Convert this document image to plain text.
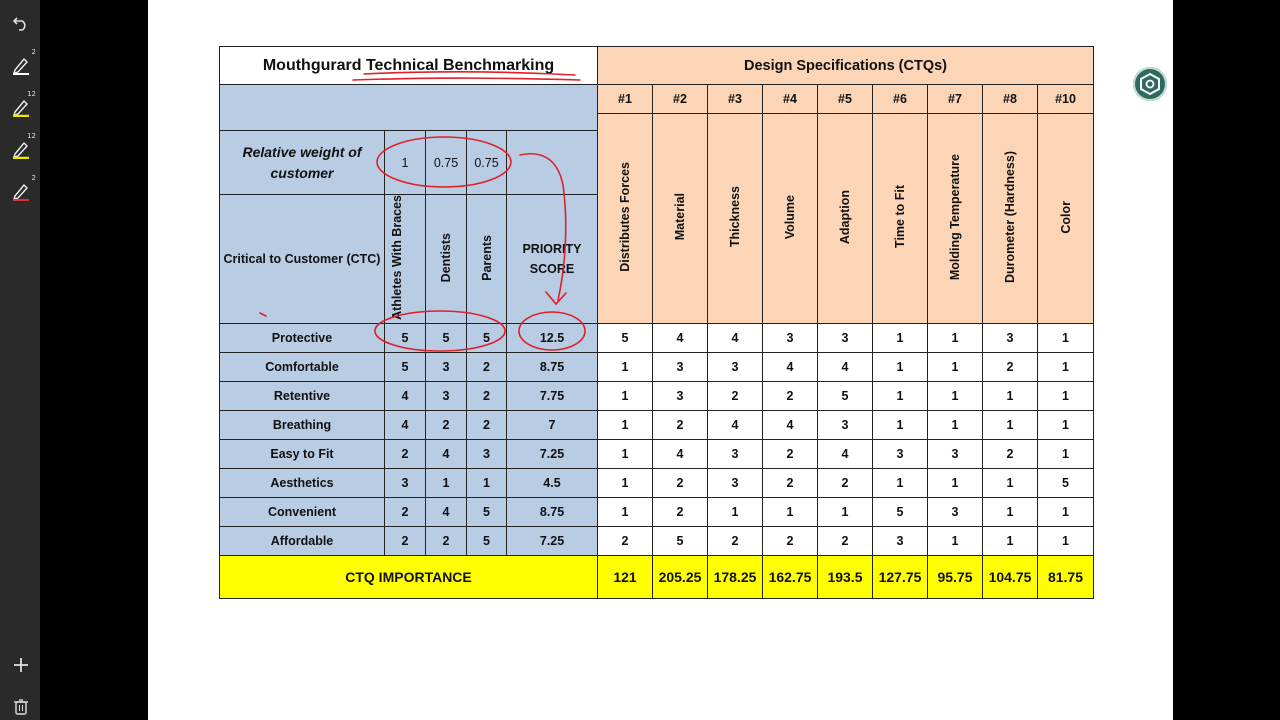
2
12
12
2
Mouthgurard Technical Benchmarking					Design Specifications (CTQs)								
					#1	#2	#3	#4	#5	#6	#7	#8	#10
					Distributes Forces	Material	Thickness	Volume	Adaption	Time to Fit	Molding Temperature	Durometer (Hardness)	Color
Relative weight of customer	1	0.75	0.75										
Critical to Customer (CTC)	Athletes With Braces	Dentists	Parents	PRIORITY SCORE									

Protective	5	5	5	12.5	5	4	4	3	3	1	1	3	1
Comfortable	5	3	2	8.75	1	3	3	4	4	1	1	2	1
Retentive	4	3	2	7.75	1	3	2	2	5	1	1	1	1
Breathing	4	2	2	7	1	2	4	4	3	1	1	1	1
Easy to Fit	2	4	3	7.25	1	4	3	2	4	3	3	2	1
Aesthetics	3	1	1	4.5	1	2	3	2	2	1	1	1	5
Convenient	2	4	5	8.75	1	2	1	1	1	5	3	1	1
Affordable	2	2	5	7.25	2	5	2	2	2	3	1	1	1
CTQ IMPORTANCE					121	205.25	178.25	162.75	193.5	127.75	95.75	104.75	81.75
